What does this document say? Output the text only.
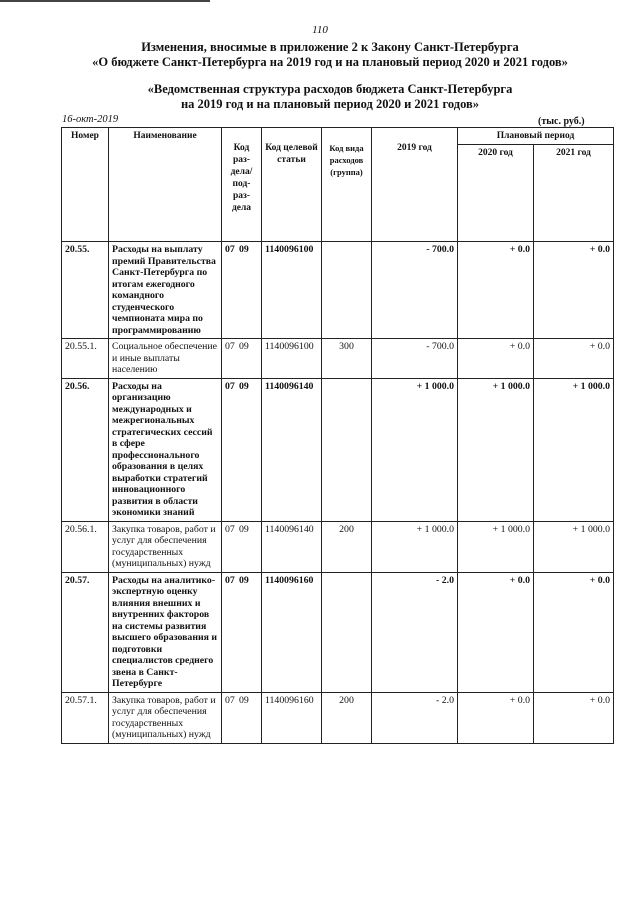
110
Изменения, вносимые в приложение 2 к Закону Санкт-Петербурга
«О бюджете Санкт-Петербурга на 2019 год и на плановый период 2020 и 2021 годов»
«Ведомственная структура расходов бюджета Санкт-Петербурга
на 2019 год и на плановый период 2020 и 2021 годов»
16-окт-2019	(тыс. руб.)
Номер	Наименование	Код раз-дела/ под-раз-дела	Код целевой статьи	Код вида расходов (группа)	2019 год	Плановый период	
						2020 год	2021 год
20.55.	Расходы на выплату премий Правительства Санкт-Петербурга по итогам ежегодного командного студенческого чемпионата мира по программированию	07 09	1140096100		- 700.0	+ 0.0	+ 0.0
20.55.1.	Социальное обеспечение и иные выплаты населению	07 09	1140096100	300	- 700.0	+ 0.0	+ 0.0
20.56.	Расходы на организацию международных и межрегиональных стратегических сессий в сфере профессионального образования в целях выработки стратегий инновационного развития в области экономики знаний	07 09	1140096140		+ 1 000.0	+ 1 000.0	+ 1 000.0
20.56.1.	Закупка товаров, работ и услуг для обеспечения государственных (муниципальных) нужд	07 09	1140096140	200	+ 1 000.0	+ 1 000.0	+ 1 000.0
20.57.	Расходы на аналитико-экспертную оценку влияния внешних и внутренних факторов на системы развития высшего образования и подготовки специалистов среднего звена в Санкт-Петербурге	07 09	1140096160		- 2.0	+ 0.0	+ 0.0
20.57.1.	Закупка товаров, работ и услуг для обеспечения государственных (муниципальных) нужд	07 09	1140096160	200	- 2.0	+ 0.0	+ 0.0
